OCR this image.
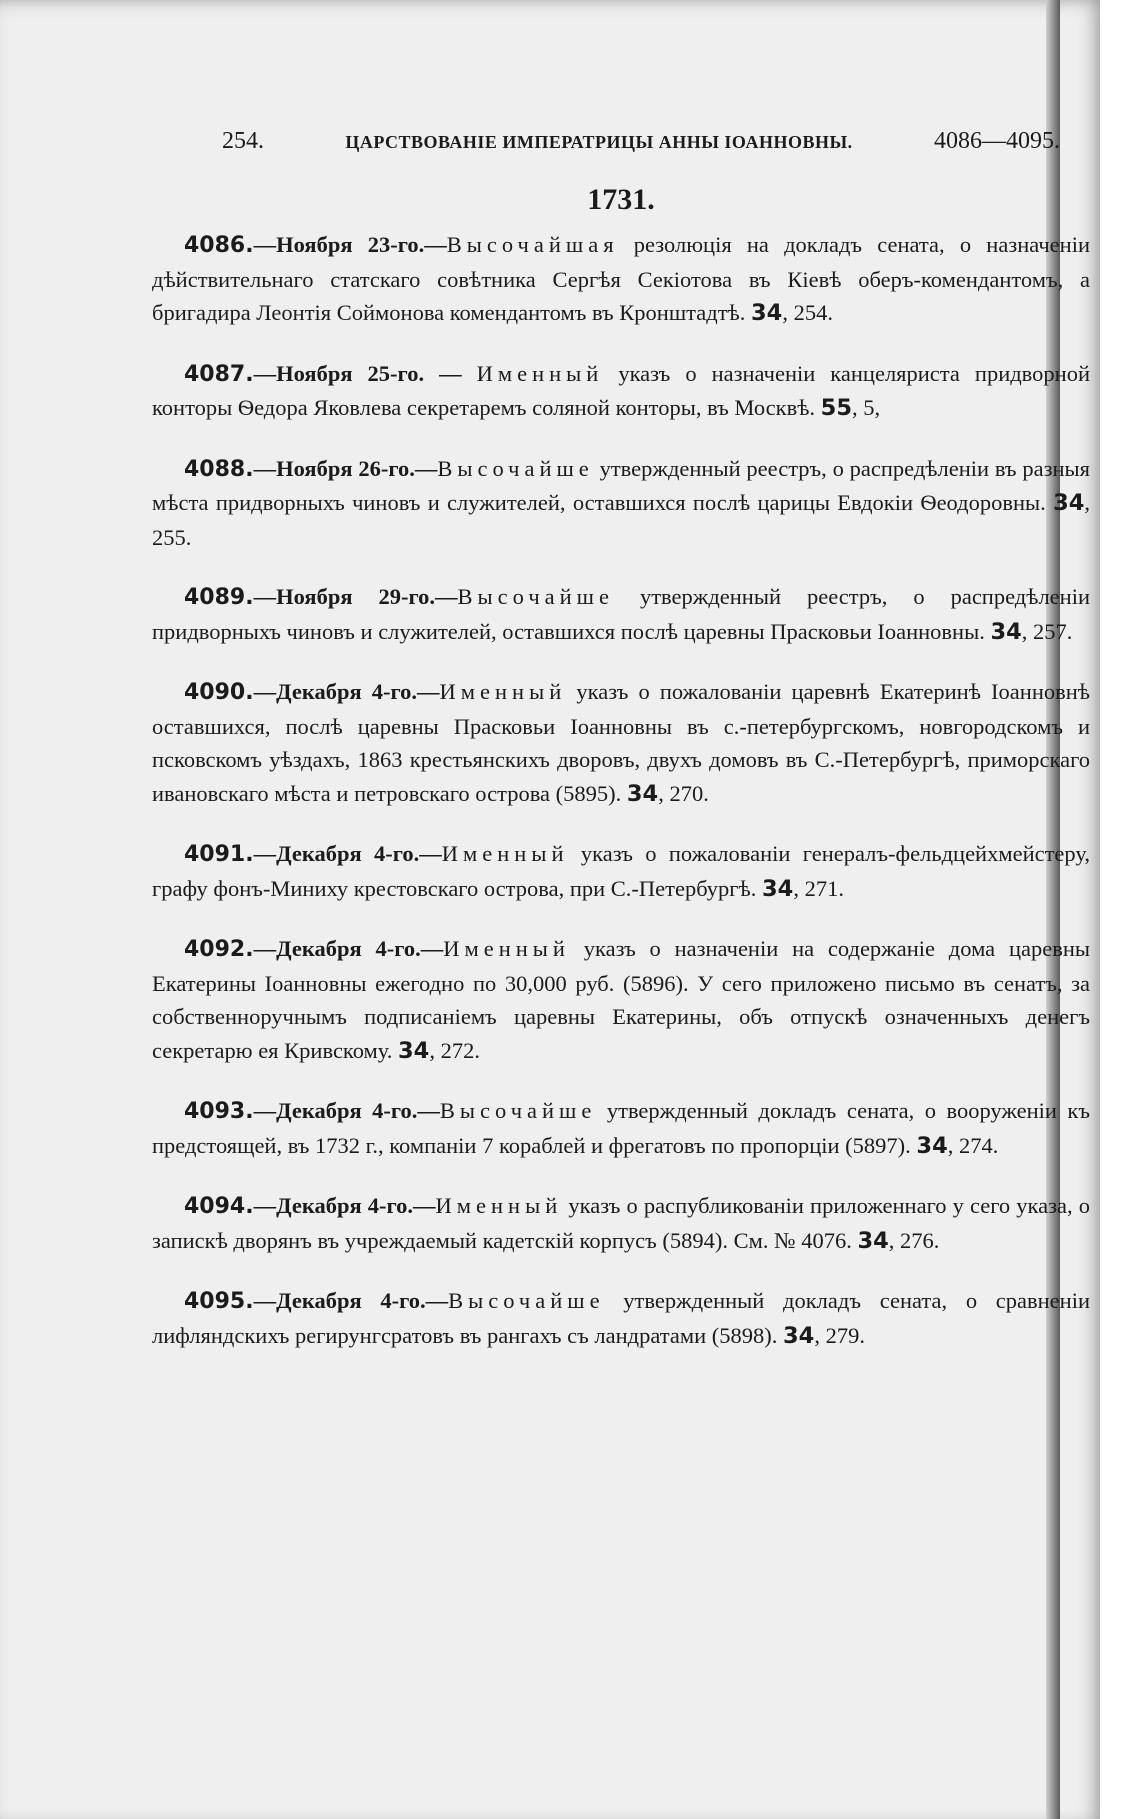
254.	ЦАРСТВОВАНІЕ ИМПЕРАТРИЦЫ АННЫ ІОАННОВНЫ.	4086—4095.
1731.

4086.—Ноября 23-го.—Высочайшая резолюція на докладъ сената, о назначеніи дѣйствительнаго статскаго совѣтника Сергѣя Секіотова въ Кіевѣ оберъ-комендантомъ, а бригадира Леонтія Соймонова комендантомъ въ Кронштадтѣ. 34, 254.

4087.—Ноября 25-го. — Именный указъ о назначеніи канцеляриста придворной конторы Ѳедора Яковлева секретаремъ соляной конторы, въ Москвѣ. 55, 5,

4088.—Ноября 26-го.—Высочайше утвержденный реестръ, о распредѣленіи въ разныя мѣста придворныхъ чиновъ и служителей, оставшихся послѣ царицы Евдокіи Ѳеодоровны. 34, 255.

4089.—Ноября 29-го.—Высочайше утвержденный реестръ, о распредѣленіи придворныхъ чиновъ и служителей, оставшихся послѣ царевны Прасковьи Іоанновны. 34, 257.

4090.—Декабря 4-го.—Именный указъ о пожалованіи царевнѣ Екатеринѣ Іоанновнѣ оставшихся, послѣ царевны Прасковьи Іоанновны въ с.-петербургскомъ, новгородскомъ и псковскомъ уѣздахъ, 1863 крестьянскихъ дворовъ, двухъ домовъ въ С.-Петербургѣ, приморскаго ивановскаго мѣста и петровскаго острова (5895). 34, 270.

4091.—Декабря 4-го.—Именный указъ о пожалованіи генералъ-фельдцейхмейстеру, графу фонъ-Миниху крестовскаго острова, при С.-Петербургѣ. 34, 271.

4092.—Декабря 4-го.—Именный указъ о назначеніи на содержаніе дома царевны Екатерины Іоанновны ежегодно по 30,000 руб. (5896). У сего приложено письмо въ сенатъ, за собственноручнымъ подписаніемъ царевны Екатерины, объ отпускѣ означенныхъ денегъ секретарю ея Кривскому. 34, 272.

4093.—Декабря 4-го.—Высочайше утвержденный докладъ сената, о вооруженіи къ предстоящей, въ 1732 г., компаніи 7 кораблей и фрегатовъ по пропорціи (5897). 34, 274.

4094.—Декабря 4-го.—Именный указъ о распубликованіи приложеннаго у сего указа, о запискѣ дворянъ въ учреждаемый кадетскій корпусъ (5894). См. № 4076. 34, 276.

4095.—Декабря 4-го.—Высочайше утвержденный докладъ сената, о сравненіи лифляндскихъ регирунгсратовъ въ рангахъ съ ландратами (5898). 34, 279.
